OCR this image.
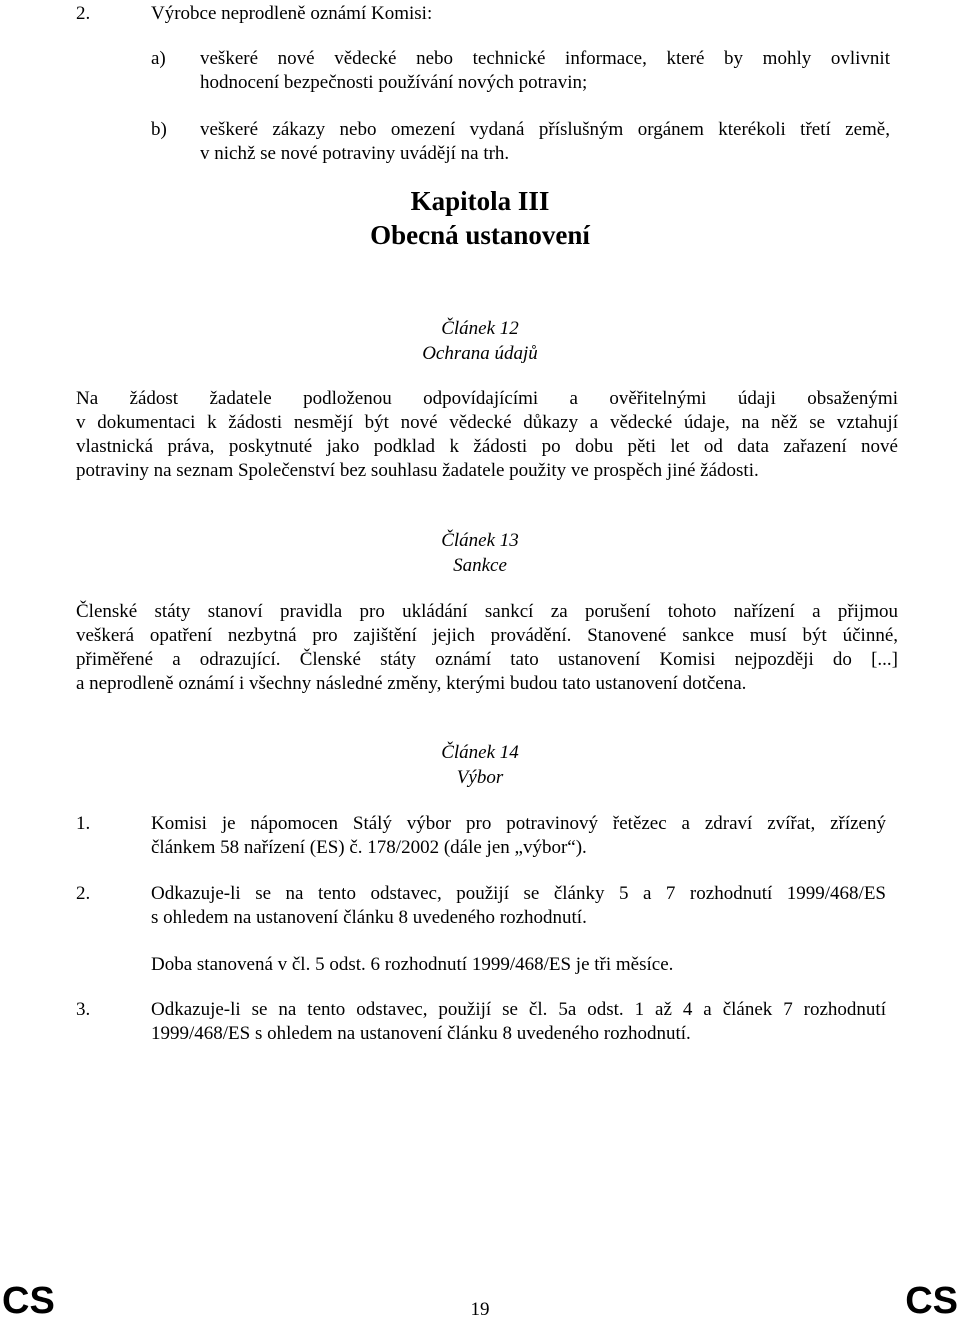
2.	Výrobce neprodleně oznámí Komisi:
a) veškeré nové vědecké nebo technické informace, které by mohly ovlivnit
hodnocení bezpečnosti používání nových potravin;
b) veškeré zákazy nebo omezení vydaná příslušným orgánem kterékoli třetí země,
v nichž se nové potraviny uvádějí na trh.
Kapitola III
Obecná ustanovení
Článek 12
Ochrana údajů
Na žádost žadatele podloženou odpovídajícími a ověřitelnými údaji obsaženými
v dokumentaci k žádosti nesmějí být nové vědecké důkazy a vědecké údaje, na něž se vztahují
vlastnická práva, poskytnuté jako podklad k žádosti po dobu pěti let od data zařazení nové
potraviny na seznam Společenství bez souhlasu žadatele použity ve prospěch jiné žádosti.
Článek 13
Sankce
Členské státy stanoví pravidla pro ukládání sankcí za porušení tohoto nařízení a přijmou
veškerá opatření nezbytná pro zajištění jejich provádění. Stanovené sankce musí být účinné,
přiměřené a odrazující. Členské státy oznámí tato ustanovení Komisi nejpozději do [...]
a neprodleně oznámí i všechny následné změny, kterými budou tato ustanovení dotčena.
Článek 14
Výbor
1.	Komisi je nápomocen Stálý výbor pro potravinový řetězec a zdraví zvířat, zřízený
článkem 58 nařízení (ES) č. 178/2002 (dále jen „výbor“).
2.	Odkazuje-li se na tento odstavec, použijí se články 5 a 7 rozhodnutí 1999/468/ES
s ohledem na ustanovení článku 8 uvedeného rozhodnutí.
Doba stanovená v čl. 5 odst. 6 rozhodnutí 1999/468/ES je tři měsíce.
3.	Odkazuje-li se na tento odstavec, použijí se čl. 5a odst. 1 až 4 a článek 7 rozhodnutí
1999/468/ES s ohledem na ustanovení článku 8 uvedeného rozhodnutí.
CS	19	CS
